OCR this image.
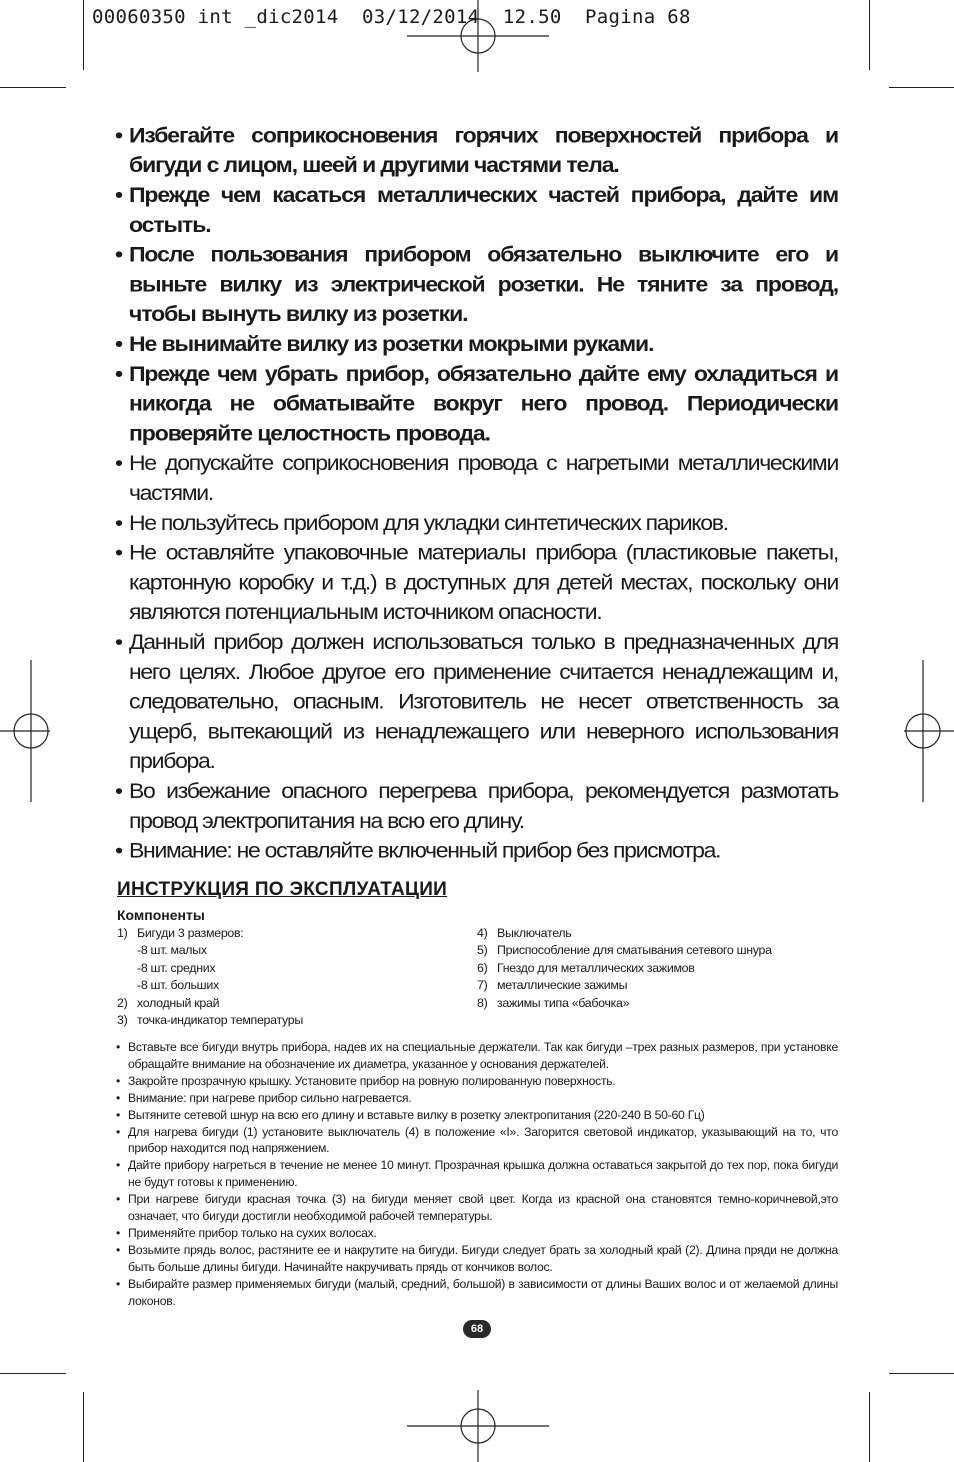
00060350 int _dic2014  03/12/2014  12.50  Pagina 68
• Избегайте соприкосновения горячих поверхностей прибора и бигуди с лицом, шеей и другими частями тела.
• Прежде чем касаться металлических частей прибора, дайте им остыть.
• После пользования прибором обязательно выключите его и выньте вилку из электрической розетки. Не тяните за провод, чтобы вынуть вилку из розетки.
• Не вынимайте вилку из розетки мокрыми руками.
• Прежде чем убрать прибор, обязательно дайте ему охладиться и никогда не обматывайте вокруг него провод. Периодически проверяйте целостность провода.
• Не допускайте соприкосновения провода с нагретыми металлическими частями.
• Не пользуйтесь прибором для укладки синтетических париков.
• Не оставляйте упаковочные материалы прибора (пластиковые пакеты, картонную коробку и т.д.) в доступных для детей местах, поскольку они являются потенциальным источником опасности.
• Данный прибор должен использоваться только в предназначенных для него целях. Любое другое его применение считается ненадлежащим и, следовательно, опасным. Изготовитель не несет ответственность за ущерб, вытекающий из ненадлежащего или неверного использования прибора.
• Во избежание опасного перегрева прибора, рекомендуется размотать провод электропитания на всю его длину.
• Внимание: не оставляйте включенный прибор без присмотра.
ИНСТРУКЦИЯ ПО ЭКСПЛУАТАЦИИ
Компоненты
1) Бигуди 3 размеров:
-8 шт. малых
-8 шт. средних
-8 шт. больших
2) холодный край
3) точка-индикатор температуры
4) Выключатель
5) Приспособление для сматывания сетевого шнура
6) Гнездо для металлических зажимов
7) металлические зажимы
8) зажимы типа «бабочка»
• Вставьте все бигуди внутрь прибора, надев их на специальные держатели. Так как бигуди –трех разных размеров, при установке обращайте внимание на обозначение их диаметра, указанное у основания держателей.
• Закройте прозрачную крышку. Установите прибор на ровную полированную поверхность.
• Внимание: при нагреве прибор сильно нагревается.
• Вытяните сетевой шнур на всю его длину и вставьте вилку в розетку электропитания (220-240 В 50-60 Гц)
• Для нагрева бигуди (1) установите выключатель (4) в положение «I». Загорится световой индикатор, указывающий на то, что прибор находится под напряжением.
• Дайте прибору нагреться в течение не менее 10 минут. Прозрачная крышка должна оставаться закрытой до тех пор, пока бигуди не будут готовы к применению.
• При нагреве бигуди красная точка (3) на бигуди меняет свой цвет. Когда из красной она становятся темно-коричневой,это означает, что бигуди достигли необходимой рабочей температуры.
• Применяйте прибор только на сухих волосах.
• Возьмите прядь волос, растяните ее и накрутите на бигуди. Бигуди следует брать за холодный край (2). Длина пряди не должна быть больше длины бигуди. Начинайте накручивать прядь от кончиков волос.
• Выбирайте размер применяемых бигуди (малый, средний, большой) в зависимости от длины Ваших волос и от желаемой длины локонов.
68
